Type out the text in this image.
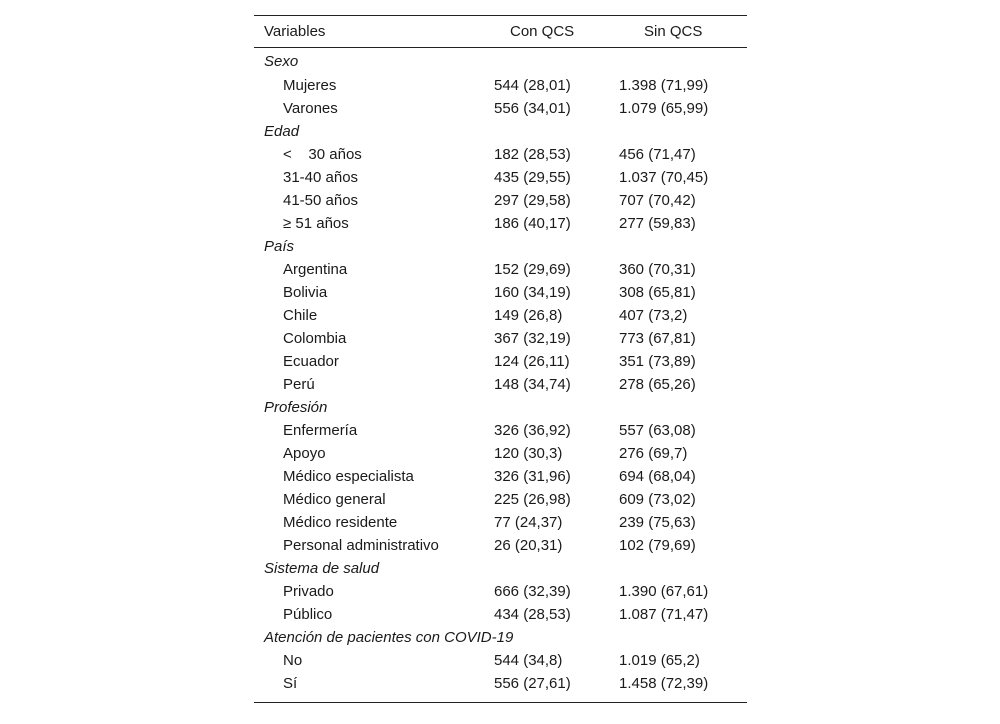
Variables	Con QCS	Sin QCS
Sexo		
Mujeres	544 (28,01)	1.398 (71,99)
Varones	556 (34,01)	1.079 (65,99)
Edad		
<    30 años	182 (28,53)	456 (71,47)
31-40 años	435 (29,55)	1.037 (70,45)
41-50 años	297 (29,58)	707 (70,42)
≥ 51 años	186 (40,17)	277 (59,83)
País		
Argentina	152 (29,69)	360 (70,31)
Bolivia	160 (34,19)	308 (65,81)
Chile	149 (26,8)	407 (73,2)
Colombia	367 (32,19)	773 (67,81)
Ecuador	124 (26,11)	351 (73,89)
Perú	148 (34,74)	278 (65,26)
Profesión		
Enfermería	326 (36,92)	557 (63,08)
Apoyo	120 (30,3)	276 (69,7)
Médico especialista	326 (31,96)	694 (68,04)
Médico general	225 (26,98)	609 (73,02)
Médico residente	77 (24,37)	239 (75,63)
Personal administrativo	26 (20,31)	102 (79,69)
Sistema de salud		
Privado	666 (32,39)	1.390 (67,61)
Público	434 (28,53)	1.087 (71,47)
Atención de pacientes con COVID-19		
No	544 (34,8)	1.019 (65,2)
Sí	556 (27,61)	1.458 (72,39)
